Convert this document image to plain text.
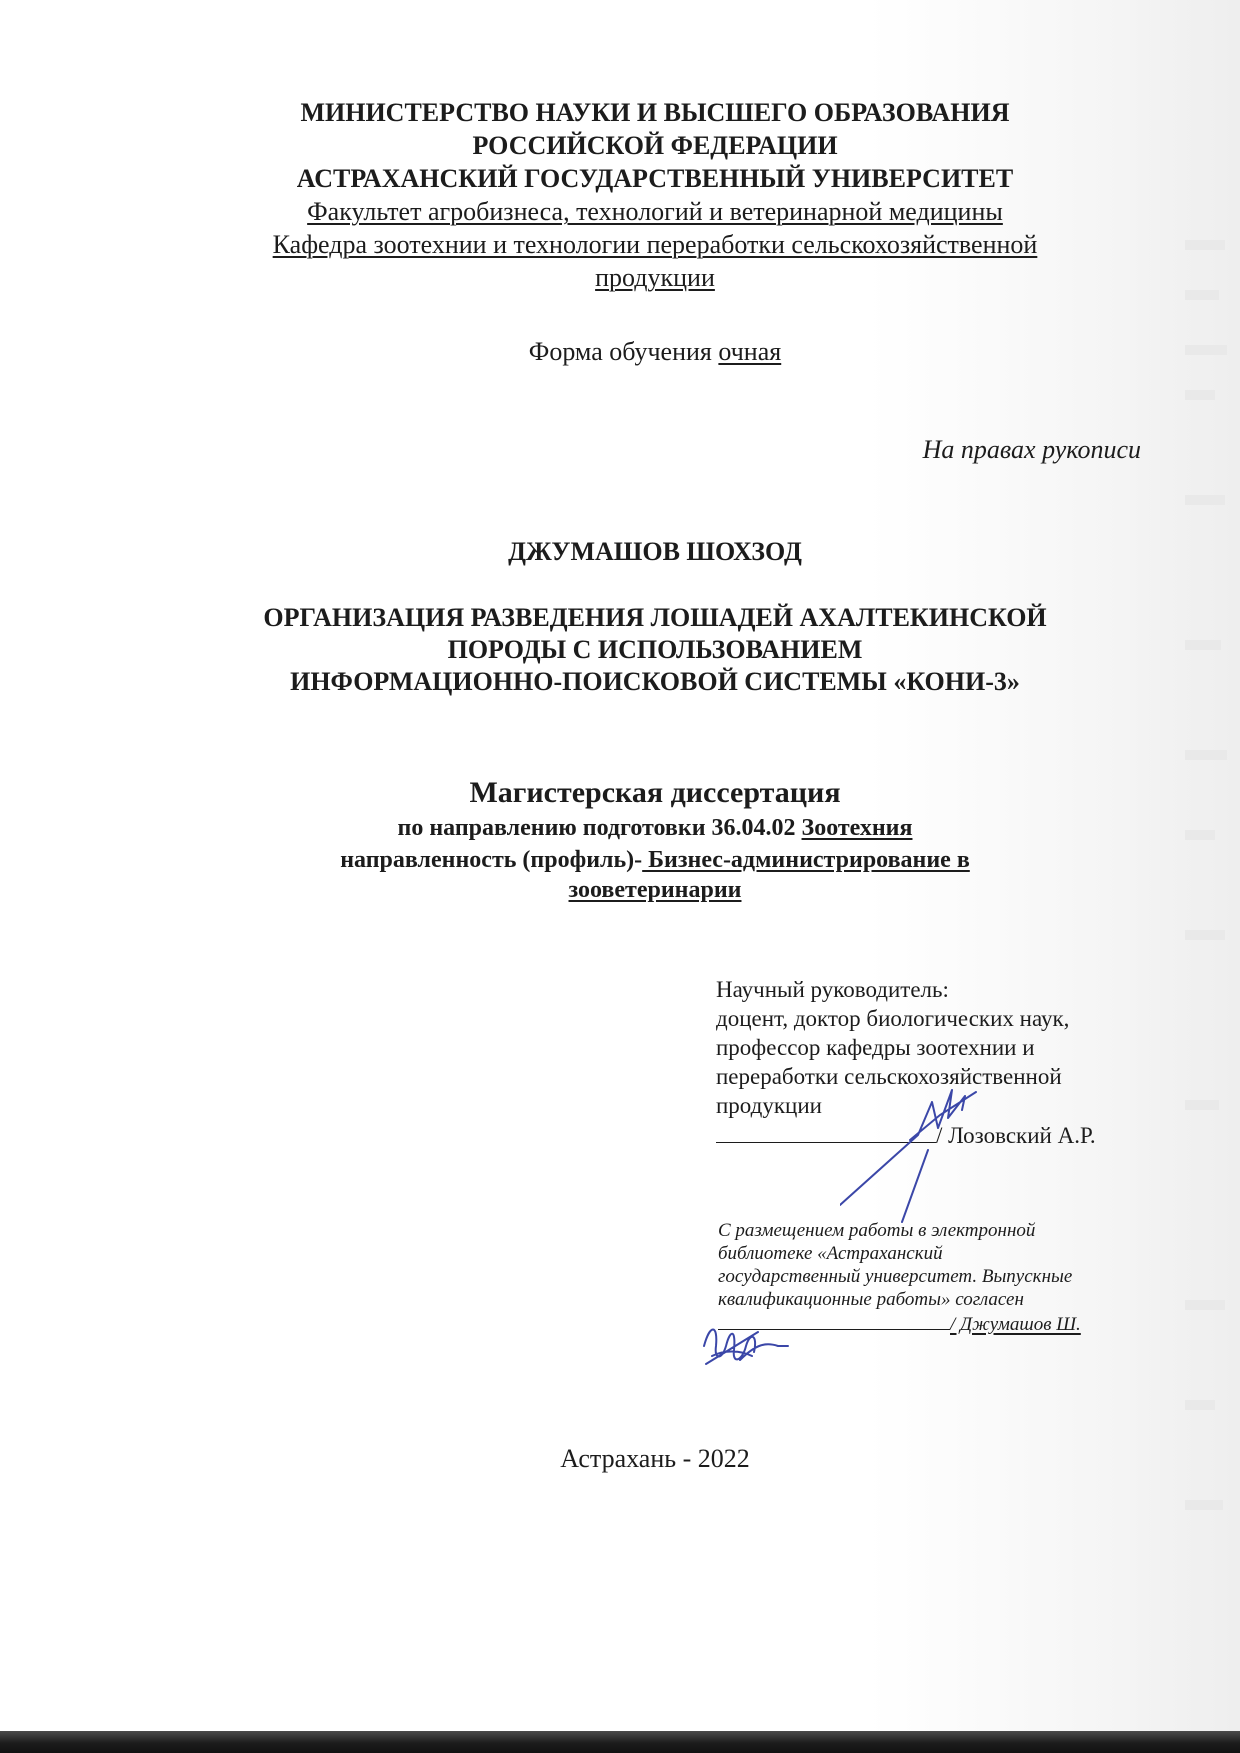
МИНИСТЕРСТВО НАУКИ И ВЫСШЕГО ОБРАЗОВАНИЯ
РОССИЙСКОЙ ФЕДЕРАЦИИ
АСТРАХАНСКИЙ ГОСУДАРСТВЕННЫЙ УНИВЕРСИТЕТ
Факультет агробизнеса, технологий и ветеринарной медицины
Кафедра зоотехнии и технологии переработки сельскохозяйственной
продукции
Форма обучения очная
На правах рукописи
ДЖУМАШОВ ШОХЗОД
ОРГАНИЗАЦИЯ РАЗВЕДЕНИЯ ЛОШАДЕЙ АХАЛТЕКИНСКОЙ
ПОРОДЫ С ИСПОЛЬЗОВАНИЕМ
ИНФОРМАЦИОННО-ПОИСКОВОЙ СИСТЕМЫ «КОНИ-3»
Магистерская диссертация
по направлению подготовки 36.04.02 Зоотехния
направленность (профиль)- Бизнес-администрирование в
зооветеринарии
Научный руководитель:
доцент, доктор биологических наук,
профессор кафедры зоотехнии и
переработки сельскохозяйственной
продукции
/ Лозовский А.Р.
С размещением работы в электронной
библиотеке «Астраханский
государственный университет. Выпускные
квалификационные работы» согласен
/ Джумашов Ш.
Астрахань - 2022
